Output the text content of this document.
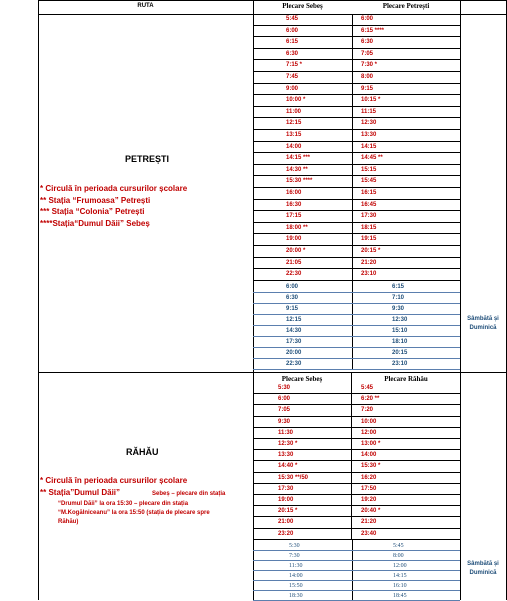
RUTA	Plecare Sebeș	Plecare Petrești
PETREȘTI
* Circulă în perioada cursurilor școlare
** Stația “Frumoasa” Petrești
*** Stația “Colonia” Petrești
****Stația“Dumul Dăii” Sebeș
5:45	6:00
6:00	6:15 ****
6:15	6:30
6:30	7:05
7:15 *	7:30 *
7:45	8:00
9:00	9:15
10:00 *	10:15 *
11:00	11:15
12:15	12:30
13:15	13:30
14:00	14:15
14:15 ***	14:45 **
14:30 **	15:15
15:30 ****	15:45
16:00	16:15
16:30	16:45
17:15	17:30
18:00 **	18:15
19:00	19:15
20:00 *	20:15 *
21:05	21:20
22:30	23:10
6:00	6:15
6:30	7:10
9:15	9:30
12:15	12:30
14:30	15:10
17:30	18:10
20:00	20:15
22:30	23:10
Sâmbătă și Duminică
Plecare Sebeș	Plecare Răhău
RĂHĂU
* Circulă în perioada cursurilor școlare
** Stația”Dumul Dăii”	Sebeș – plecare din stația
“Drumul Dăii” la ora 15:30 – plecare din stația
“M.Kogălniceanu” la ora 15:50 (stația de plecare spre
Răhău)
5:30	5:45
6:00	6:20 **
7:05	7:20
9:30	10:00
11:30	12:00
12:30 *	13:00 *
13:30	14:00
14:40 *	15:30 *
15:30 **/50	16:20
17:30	17:50
19:00	19:20
20:15 *	20:40 *
21:00	21:20
23:20	23:40
5:30	5:45
7:30	8:00
11:30	12:00
14:00	14:15
15:50	16:10
18:30	18:45
Sâmbătă și Duminică
